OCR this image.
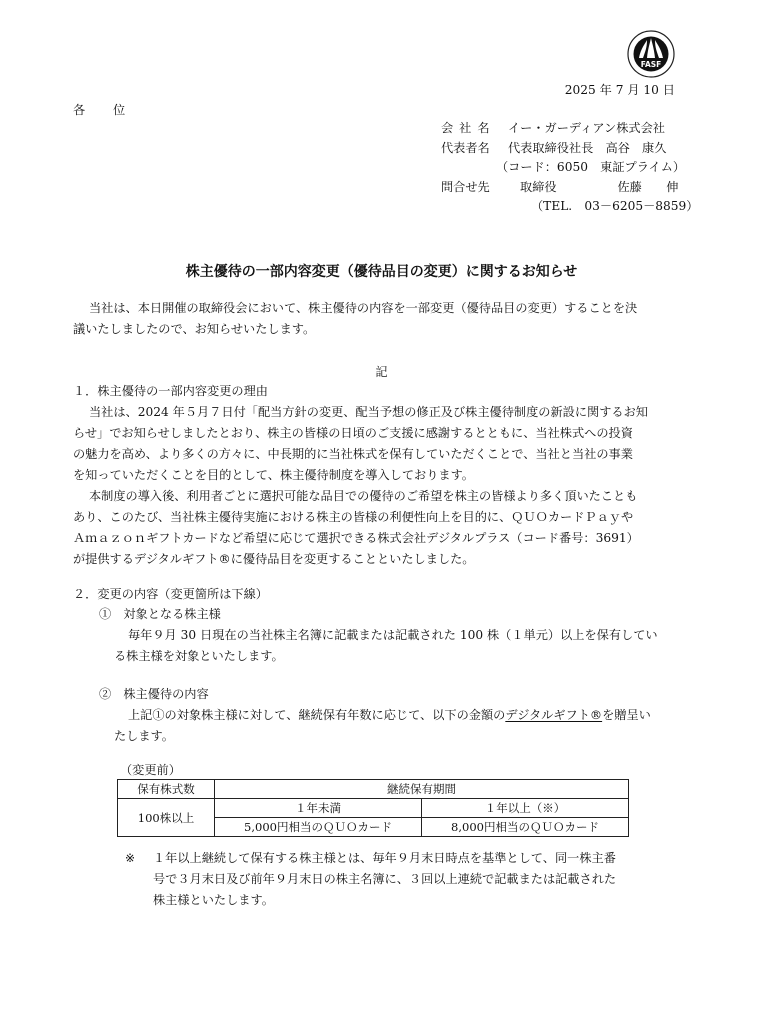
FASF
2025 年 7 月 10 日
各 位
会社名 イー・ガーディアン株式会社
代表者名 代表取締役社長　高谷　康久
（コード：6050　東証プライム）
問合せ先 取締役　　　　　佐藤　　伸
（TEL.　03－6205－8859）
株主優待の一部内容変更（優待品目の変更）に関するお知らせ
当社は、本日開催の取締役会において、株主優待の内容を一部変更（優待品目の変更）することを決
議いたしましたので、お知らせいたします。
記
１．株主優待の一部内容変更の理由
当社は、2024 年５月７日付「配当方針の変更、配当予想の修正及び株主優待制度の新設に関するお知
らせ」でお知らせしましたとおり、株主の皆様の日頃のご支援に感謝するとともに、当社株式への投資
の魅力を高め、より多くの方々に、中長期的に当社株式を保有していただくことで、当社と当社の事業
を知っていただくことを目的として、株主優待制度を導入しております。
本制度の導入後、利用者ごとに選択可能な品目での優待のご希望を株主の皆様より多く頂いたことも
あり、このたび、当社株主優待実施における株主の皆様の利便性向上を目的に、ＱＵＯカードＰａｙや
Ａｍａｚｏｎギフトカードなど希望に応じて選択できる株式会社デジタルプラス（コード番号：3691）
が提供するデジタルギフト®に優待品目を変更することといたしました。
２．変更の内容（変更箇所は下線）
①　対象となる株主様
毎年９月 30 日現在の当社株主名簿に記載または記載された 100 株（１単元）以上を保有してい
る株主様を対象といたします。
②　株主優待の内容
上記①の対象株主様に対して、継続保有年数に応じて、以下の金額のデジタルギフト®を贈呈い
たします。
（変更前）
保有株式数	継続保有期間	
100株以上	１年未満	１年以上（※）
	5,000円相当のＱＵＯカード	8,000円相当のＱＵＯカード
※ １年以上継続して保有する株主様とは、毎年９月末日時点を基準として、同一株主番
号で３月末日及び前年９月末日の株主名簿に、３回以上連続で記載または記載された
株主様といたします。
